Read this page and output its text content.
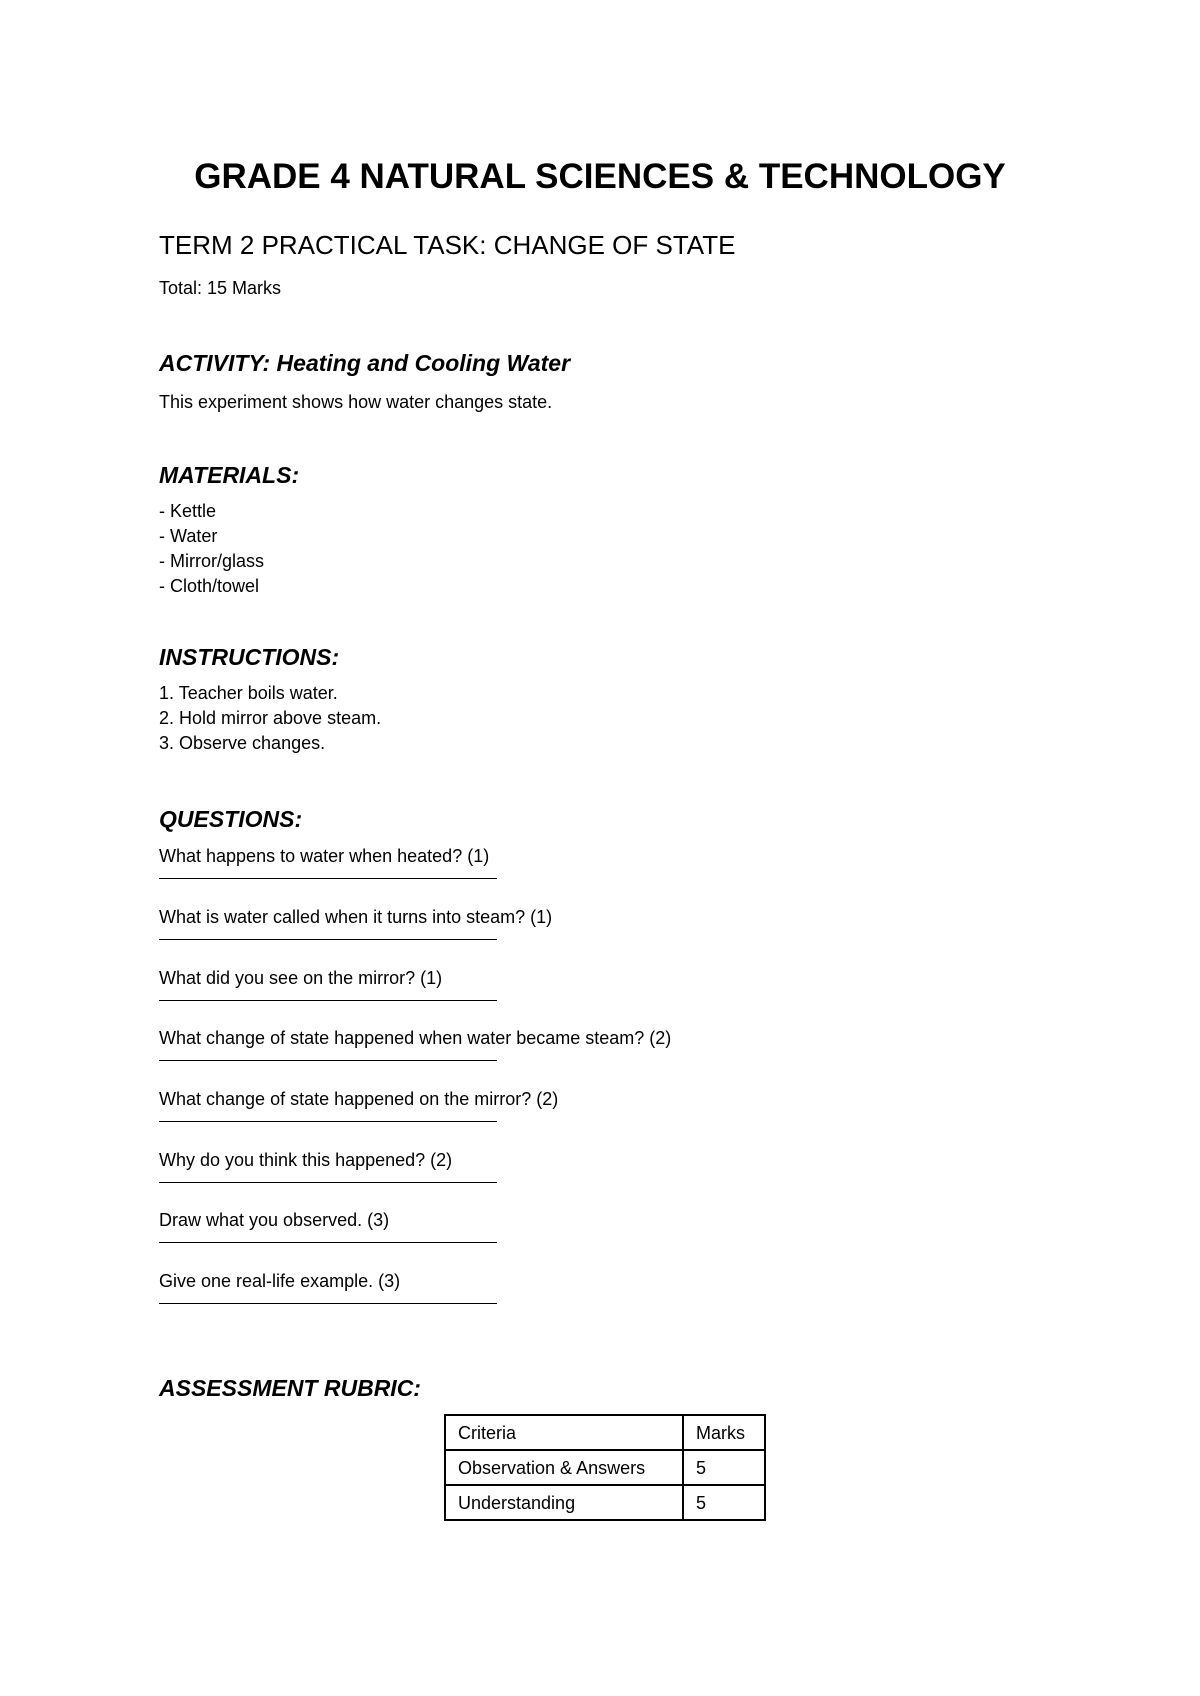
GRADE 4 NATURAL SCIENCES & TECHNOLOGY
TERM 2 PRACTICAL TASK: CHANGE OF STATE
Total: 15 Marks
ACTIVITY: Heating and Cooling Water
This experiment shows how water changes state.
MATERIALS:
- Kettle
- Water
- Mirror/glass
- Cloth/towel
INSTRUCTIONS:
1. Teacher boils water.
2. Hold mirror above steam.
3. Observe changes.
QUESTIONS:
What happens to water when heated? (1)
What is water called when it turns into steam? (1)
What did you see on the mirror? (1)
What change of state happened when water became steam? (2)
What change of state happened on the mirror? (2)
Why do you think this happened? (2)
Draw what you observed. (3)
Give one real-life example. (3)
ASSESSMENT RUBRIC:
Criteria	Marks
Observation & Answers	5
Understanding	5
